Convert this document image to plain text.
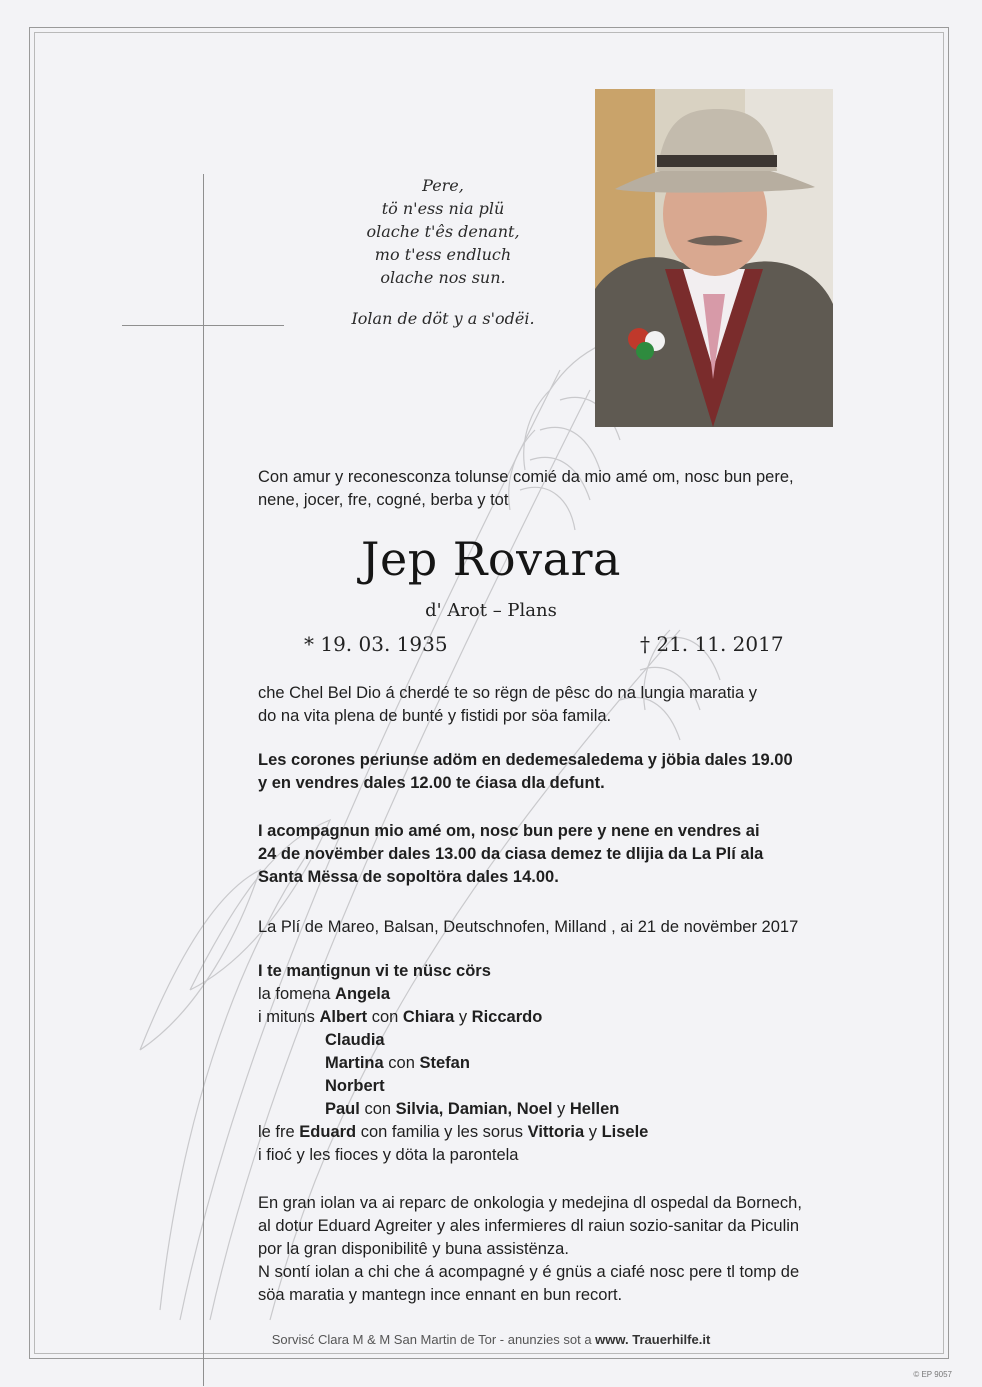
Pere,
tö n'ess nia plü
olache t'ês denant,
mo t'ess endluch
olache nos sun.
Iolan de döt y a s'odëi.
Con amur y reconesconza tolunse comié da mio amé om, nosc bun pere,
nene, jocer, fre, cogné, berba y tot
Jep Rovara
d' Arot – Plans
* 19. 03. 1935	† 21. 11. 2017
che Chel Bel Dio á cherdé te so rëgn de pêsc do na lungia maratia y
do na vita plena de bunté y fistidi por söa famila.
Les corones periunse adöm en dedemesaledema y jöbia dales 19.00
y en vendres dales 12.00 te ćiasa dla defunt.
I acompagnun mio amé om, nosc bun pere y nene en vendres ai
24 de novëmber dales 13.00 da ciasa demez te dlijia da La Plí ala
Santa Mëssa de sopoltöra dales 14.00.
La Plí de Mareo, Balsan, Deutschnofen, Milland , ai 21 de novëmber 2017
I te mantignun vi te nüsc cörs
la fomena Angela
i mituns Albert con Chiara y Riccardo
Claudia
Martina con Stefan
Norbert
Paul con Silvia, Damian, Noel y Hellen
le fre Eduard con familia y les sorus Vittoria y Lisele
i fioć y les fioces y döta la parontela
En gran iolan va ai reparc de onkologia y medejina dl ospedal da Bornech,
al dotur Eduard Agreiter y ales infermieres dl raiun sozio-sanitar da Piculin
por la gran disponibilitê y buna assistënza.
N sontí iolan a chi che á acompagné y é gnüs a ciafé nosc pere tl tomp de
söa maratia y mantegn ince ennant en bun recort.
Sorvisć Clara M & M San Martin de Tor - anunzies sot a www. Trauerhilfe.it
© EP 9057
